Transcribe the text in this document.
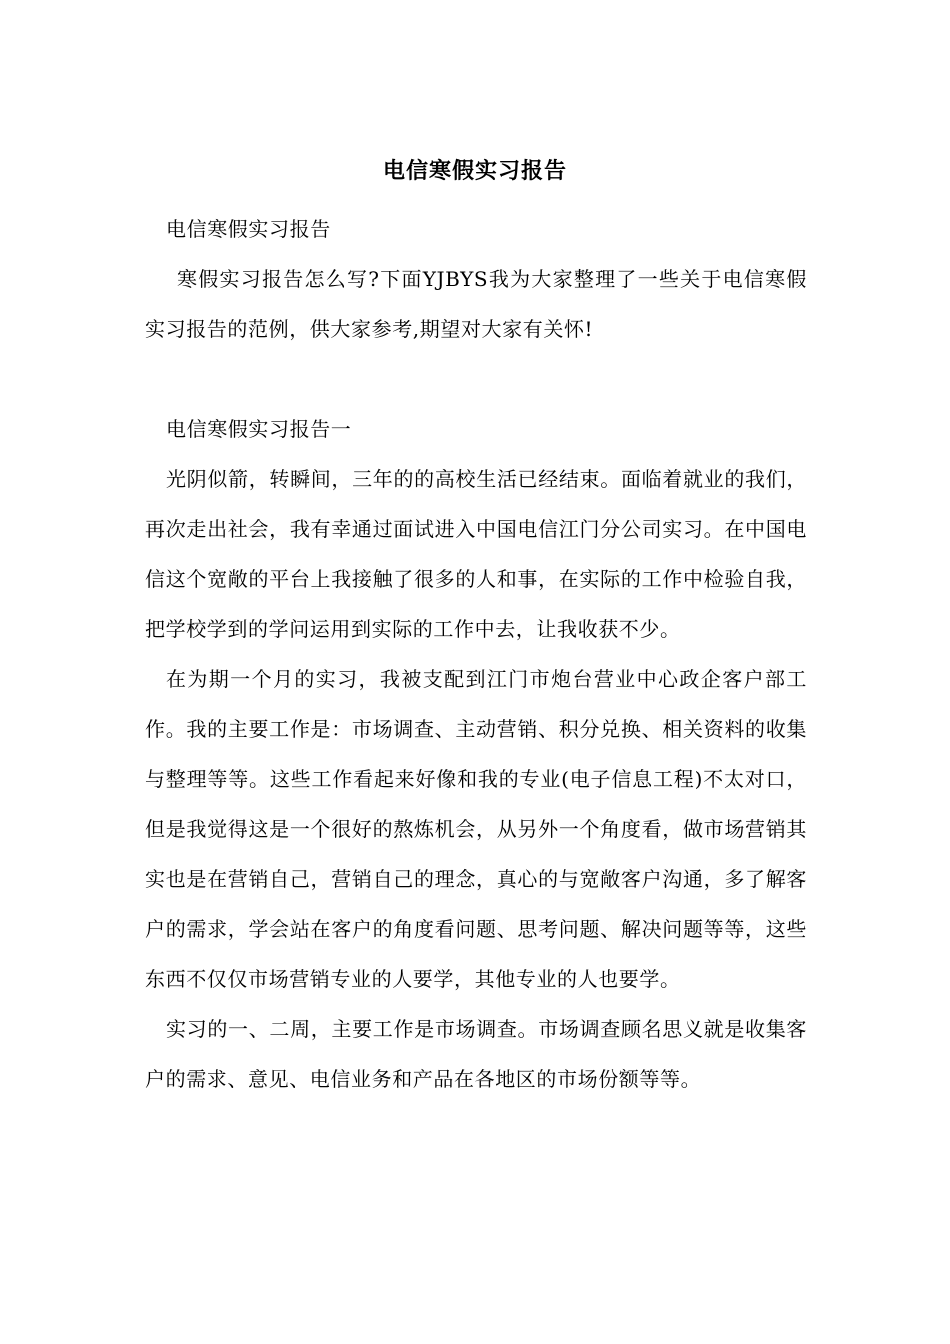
电信寒假实习报告

电信寒假实习报告

寒假实习报告怎么写?下面YJBYS我为大家整理了一些关于电信寒假实习报告的范例，供大家参考,期望对大家有关怀!

电信寒假实习报告一

光阴似箭，转瞬间，三年的的高校生活已经结束。面临着就业的我们，再次走出社会，我有幸通过面试进入中国电信江门分公司实习。在中国电信这个宽敞的平台上我接触了很多的人和事，在实际的工作中检验自我，把学校学到的学问运用到实际的工作中去，让我收获不少。

在为期一个月的实习，我被支配到江门市炮台营业中心政企客户部工作。我的主要工作是：市场调查、主动营销、积分兑换、相关资料的收集与整理等等。这些工作看起来好像和我的专业(电子信息工程)不太对口，但是我觉得这是一个很好的熬炼机会，从另外一个角度看，做市场营销其实也是在营销自己，营销自己的理念，真心的与宽敞客户沟通，多了解客户的需求，学会站在客户的角度看问题、思考问题、解决问题等等，这些东西不仅仅市场营销专业的人要学，其他专业的人也要学。

实习的一、二周，主要工作是市场调查。市场调查顾名思义就是收集客户的需求、意见、电信业务和产品在各地区的市场份额等等。
